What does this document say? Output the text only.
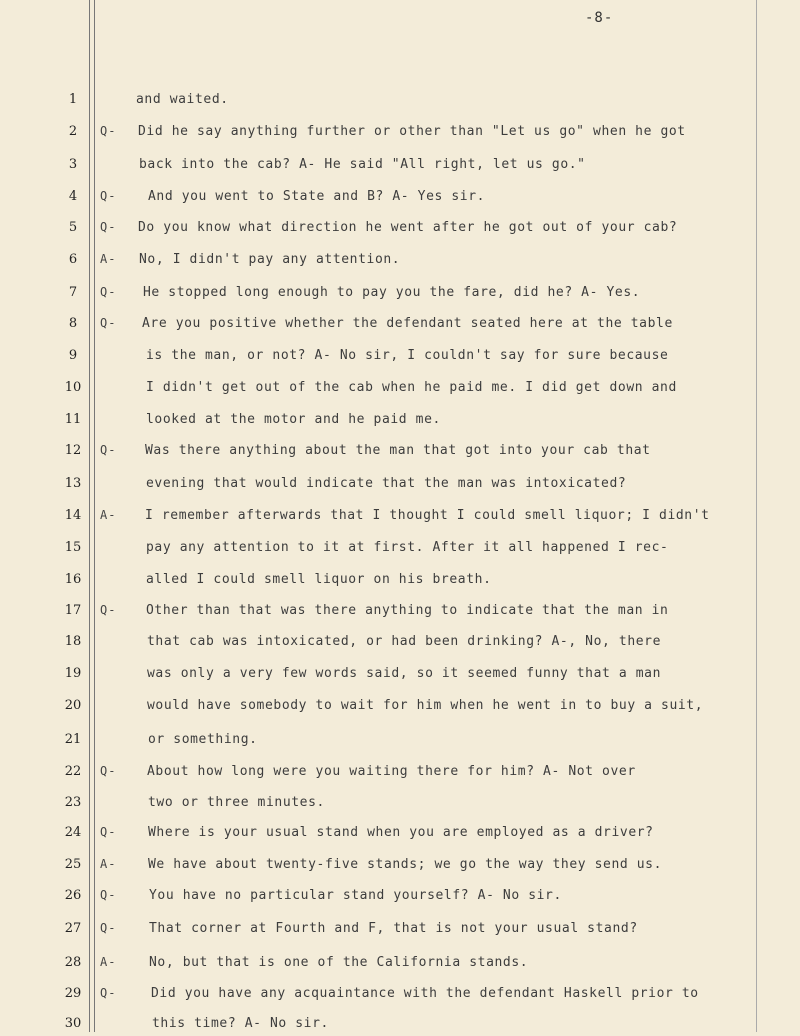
-8-
1	and waited.
2	Q-	Did he say anything further or other than "Let us go" when he got
3	back into the cab? A- He said "All right, let us go."
4	Q-	And you went to State and B? A- Yes sir.
5	Q-	Do you know what direction he went after he got out of your cab?
6	A-	No, I didn't pay any attention.
7	Q-	He stopped long enough to pay you the fare, did he? A- Yes.
8	Q-	Are you positive whether the defendant seated here at the table
9	is the man, or not? A- No sir, I couldn't say for sure because
10	I didn't get out of the cab when he paid me. I did get down and
11	looked at the motor and he paid me.
12	Q-	Was there anything about the man that got into your cab that
13	evening that would indicate that the man was intoxicated?
14	A-	I remember afterwards that I thought I could smell liquor; I didn't
15	pay any attention to it at first. After it all happened I rec-
16	alled I could smell liquor on his breath.
17	Q-	Other than that was there anything to indicate that the man in
18	that cab was intoxicated, or had been drinking? A-, No, there
19	was only a very few words said, so it seemed funny that a man
20	would have somebody to wait for him when he went in to buy a suit,
21	or something.
22	Q-	About how long were you waiting there for him? A- Not over
23	two or three minutes.
24	Q-	Where is your usual stand when you are employed as a driver?
25	A-	We have about twenty-five stands; we go the way they send us.
26	Q-	You have no particular stand yourself? A- No sir.
27	Q-	That corner at Fourth and F, that is not your usual stand?
28	A-	No, but that is one of the California stands.
29	Q-	Did you have any acquaintance with the defendant Haskell prior to
30	this time? A- No sir.
